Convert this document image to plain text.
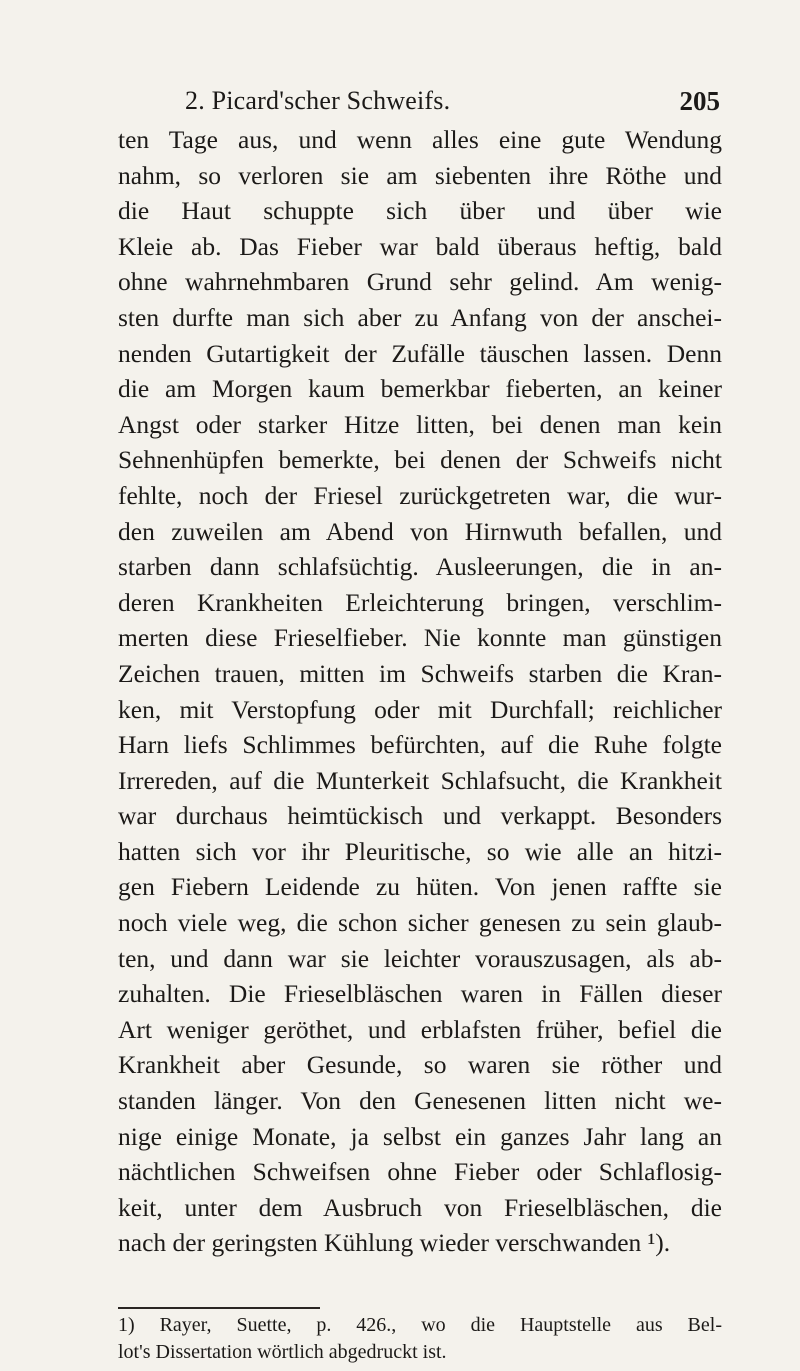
2. Picard'scher Schweifs.	205
ten Tage aus, und wenn alles eine gute Wendung
nahm, so verloren sie am siebenten ihre Röthe und
die Haut schuppte sich über und über wie
Kleie ab. Das Fieber war bald überaus heftig, bald
ohne wahrnehmbaren Grund sehr gelind. Am wenig-
sten durfte man sich aber zu Anfang von der anschei-
nenden Gutartigkeit der Zufälle täuschen lassen. Denn
die am Morgen kaum bemerkbar fieberten, an keiner
Angst oder starker Hitze litten, bei denen man kein
Sehnenhüpfen bemerkte, bei denen der Schweifs nicht
fehlte, noch der Friesel zurückgetreten war, die wur-
den zuweilen am Abend von Hirnwuth befallen, und
starben dann schlafsüchtig. Ausleerungen, die in an-
deren Krankheiten Erleichterung bringen, verschlim-
merten diese Frieselfieber. Nie konnte man günstigen
Zeichen trauen, mitten im Schweifs starben die Kran-
ken, mit Verstopfung oder mit Durchfall; reichlicher
Harn liefs Schlimmes befürchten, auf die Ruhe folgte
Irrereden, auf die Munterkeit Schlafsucht, die Krankheit
war durchaus heimtückisch und verkappt. Besonders
hatten sich vor ihr Pleuritische, so wie alle an hitzi-
gen Fiebern Leidende zu hüten. Von jenen raffte sie
noch viele weg, die schon sicher genesen zu sein glaub-
ten, und dann war sie leichter vorauszusagen, als ab-
zuhalten. Die Frieselbläschen waren in Fällen dieser
Art weniger geröthet, und erblafsten früher, befiel die
Krankheit aber Gesunde, so waren sie röther und
standen länger. Von den Genesenen litten nicht we-
nige einige Monate, ja selbst ein ganzes Jahr lang an
nächtlichen Schweifsen ohne Fieber oder Schlaflosig-
keit, unter dem Ausbruch von Frieselbläschen, die
nach der geringsten Kühlung wieder verschwanden ¹).
1) Rayer, Suette, p. 426., wo die Hauptstelle aus Bel-
lot's Dissertation wörtlich abgedruckt ist.
